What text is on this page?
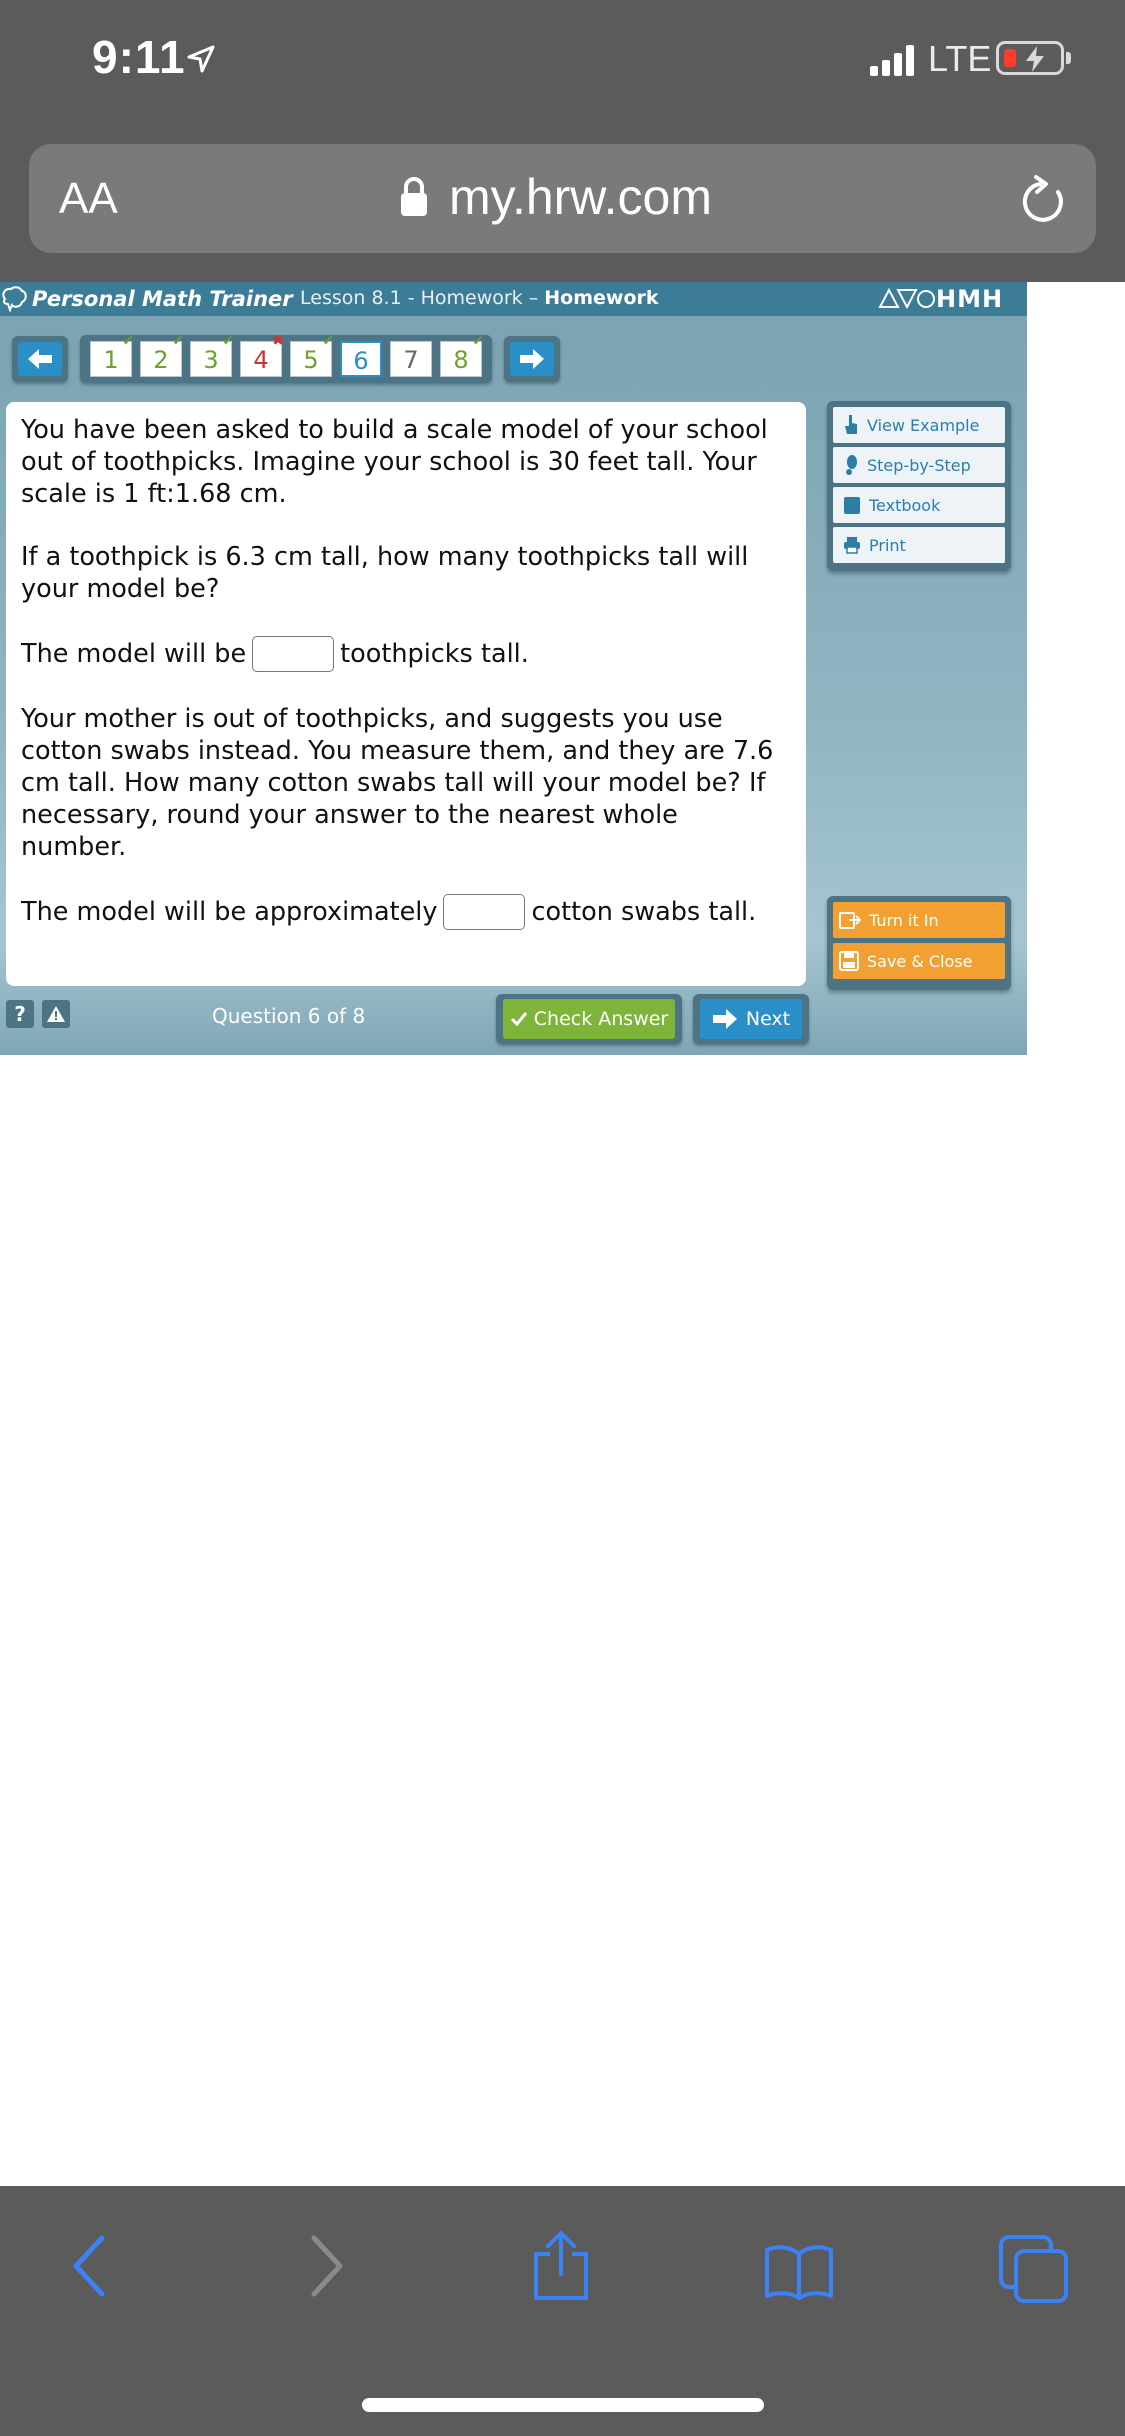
9:11	LTE
AA	my.hrw.com
Personal Math Trainer Lesson 8.1 - Homework – Homework	HMH
1
✔
2
✔
3
✔
4
✖
5
✔
6	7	8
✔

You have been asked to build a scale model of your school out of toothpicks. Imagine your school is 30 feet tall. Your scale is 1 ft:1.68 cm.

If a toothpick is 6.3 cm tall, how many toothpicks tall will your model be?

The model will be	toothpicks tall.

Your mother is out of toothpicks, and suggests you use cotton swabs instead. You measure them, and they are 7.6 cm tall. How many cotton swabs tall will your model be? If necessary, round your answer to the nearest whole number.

The model will be approximately	cotton swabs tall.

View Example
Step-by-Step
Textbook
Print
Turn it In
Save & Close
?	Question 6 of 8	Check Answer	Next
